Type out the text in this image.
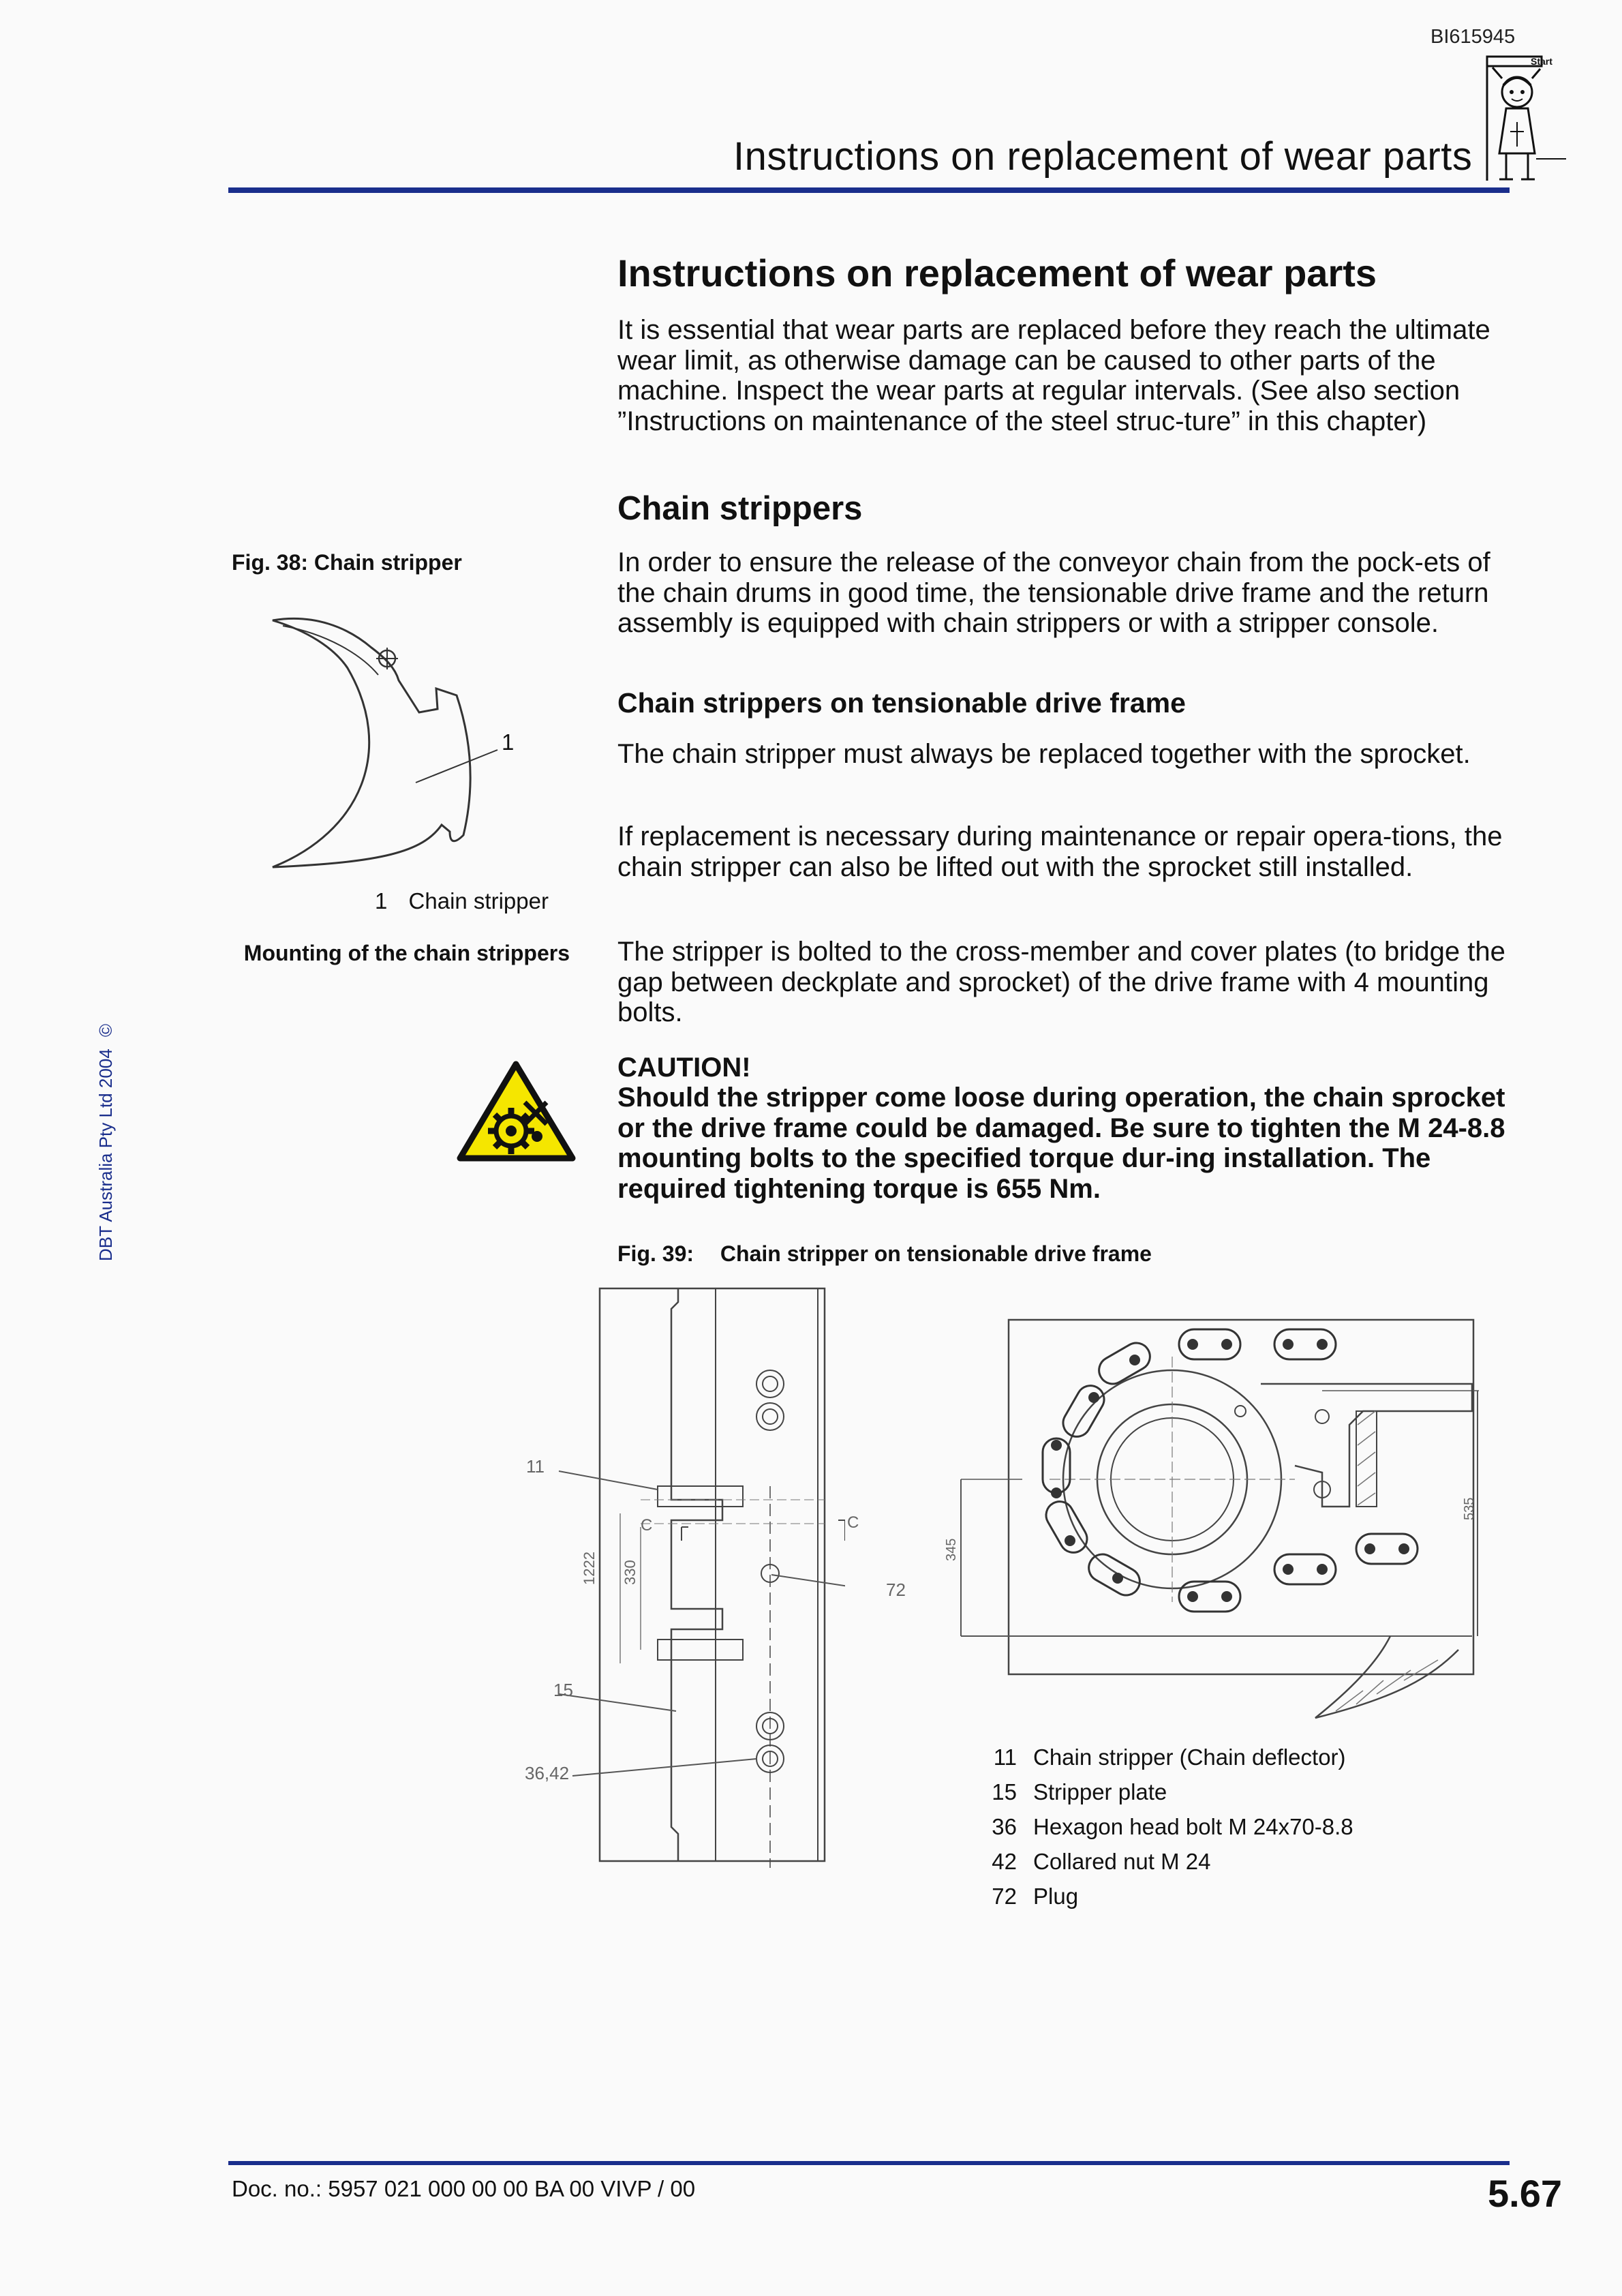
BI615945
Start
Instructions on replacement of wear parts
Instructions on replacement of wear parts

It is essential that wear parts are replaced before they reach the ultimate wear limit, as otherwise damage can be caused to other parts of the machine. Inspect the wear parts at regular intervals. (See also section ”Instructions on maintenance of the steel struc-ture” in this chapter)

Chain strippers

In order to ensure the release of the conveyor chain from the pock-ets of the chain drums in good time, the tensionable drive frame and the return assembly is equipped with chain strippers or with a stripper console.

Chain strippers on tensionable drive frame

The chain stripper must always be replaced together with the sprocket.

If replacement is necessary during maintenance or repair opera-tions, the chain stripper can also be lifted out with the sprocket still installed.

The stripper is bolted to the cross-member and cover plates (to bridge the gap between deckplate and sprocket) of the drive frame with 4 mounting bolts.

CAUTION!
Should the stripper come loose during operation, the chain sprocket or the drive frame could be damaged. Be sure to tighten the M 24-8.8 mounting bolts to the specified torque dur-ing installation. The required tightening torque is 655 Nm.
Fig. 38: Chain stripper
1
1 Chain stripper
Mounting of the chain strippers
Fig. 39: Chain stripper on tensionable drive frame
C
11
15
36,42
1222 330
C
72
345
535
11 Chain stripper (Chain deflector)
15 Stripper plate
36 Hexagon head bolt M 24x70-8.8
42 Collared nut M 24
72 Plug
DBT Australia Pty Ltd 2004 ©
Doc. no.: 5957 021 000 00 00 BA 00 VIVP / 00	5.67
